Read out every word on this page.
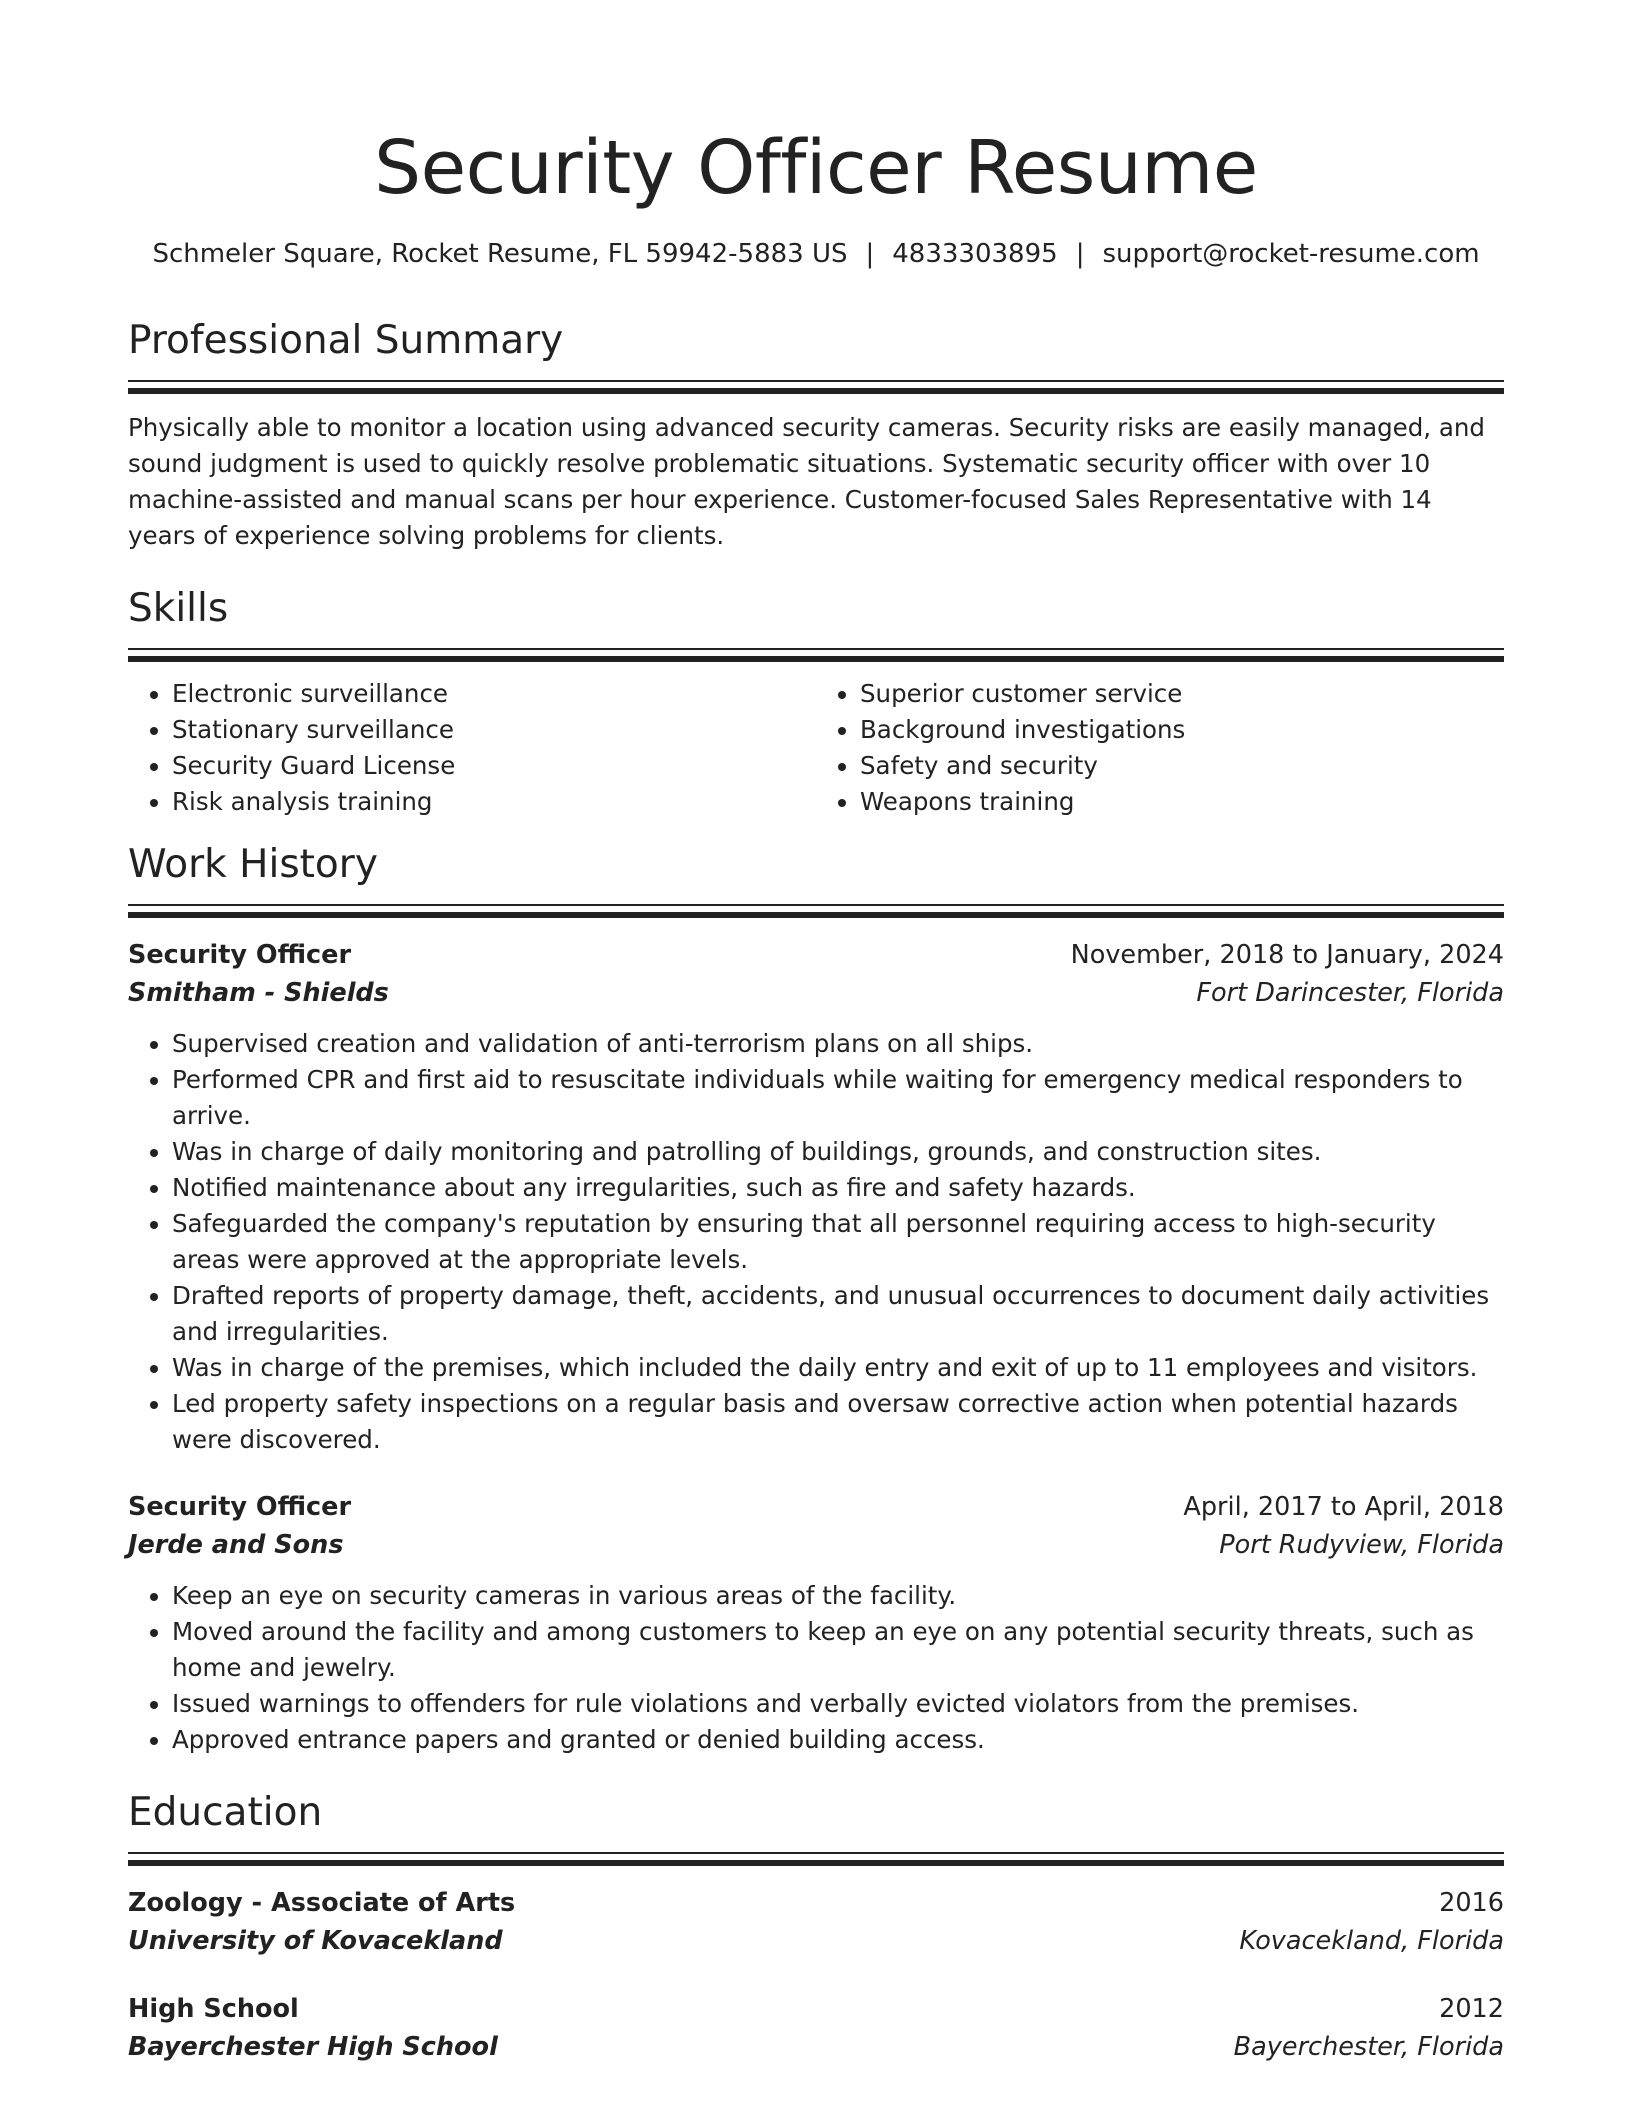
Security Officer Resume
Schmeler Square, Rocket Resume, FL 59942-5883 US | 4833303895 | support@rocket-resume.com
Professional Summary

Physically able to monitor a location using advanced security cameras. Security risks are easily managed, and sound judgment is used to quickly resolve problematic situations. Systematic security officer with over 10 machine-assisted and manual scans per hour experience. Customer-focused Sales Representative with 14 years of experience solving problems for clients.

Skills
• Electronic surveillance
• Stationary surveillance
• Security Guard License
• Risk analysis training
• Superior customer service
• Background investigations
• Safety and security
• Weapons training
Work History
Security Officer	November, 2018 to January, 2024
Smitham - Shields	Fort Darincester, Florida
• Supervised creation and validation of anti-terrorism plans on all ships.
• Performed CPR and first aid to resuscitate individuals while waiting for emergency medical responders to arrive.
• Was in charge of daily monitoring and patrolling of buildings, grounds, and construction sites.
• Notified maintenance about any irregularities, such as fire and safety hazards.
• Safeguarded the company's reputation by ensuring that all personnel requiring access to high-security areas were approved at the appropriate levels.
• Drafted reports of property damage, theft, accidents, and unusual occurrences to document daily activities and irregularities.
• Was in charge of the premises, which included the daily entry and exit of up to 11 employees and visitors.
• Led property safety inspections on a regular basis and oversaw corrective action when potential hazards were discovered.
Security Officer	April, 2017 to April, 2018
Jerde and Sons	Port Rudyview, Florida
• Keep an eye on security cameras in various areas of the facility.
• Moved around the facility and among customers to keep an eye on any potential security threats, such as home and jewelry.
• Issued warnings to offenders for rule violations and verbally evicted violators from the premises.
• Approved entrance papers and granted or denied building access.
Education
Zoology - Associate of Arts	2016
University of Kovacekland	Kovacekland, Florida
High School	2012
Bayerchester High School	Bayerchester, Florida
